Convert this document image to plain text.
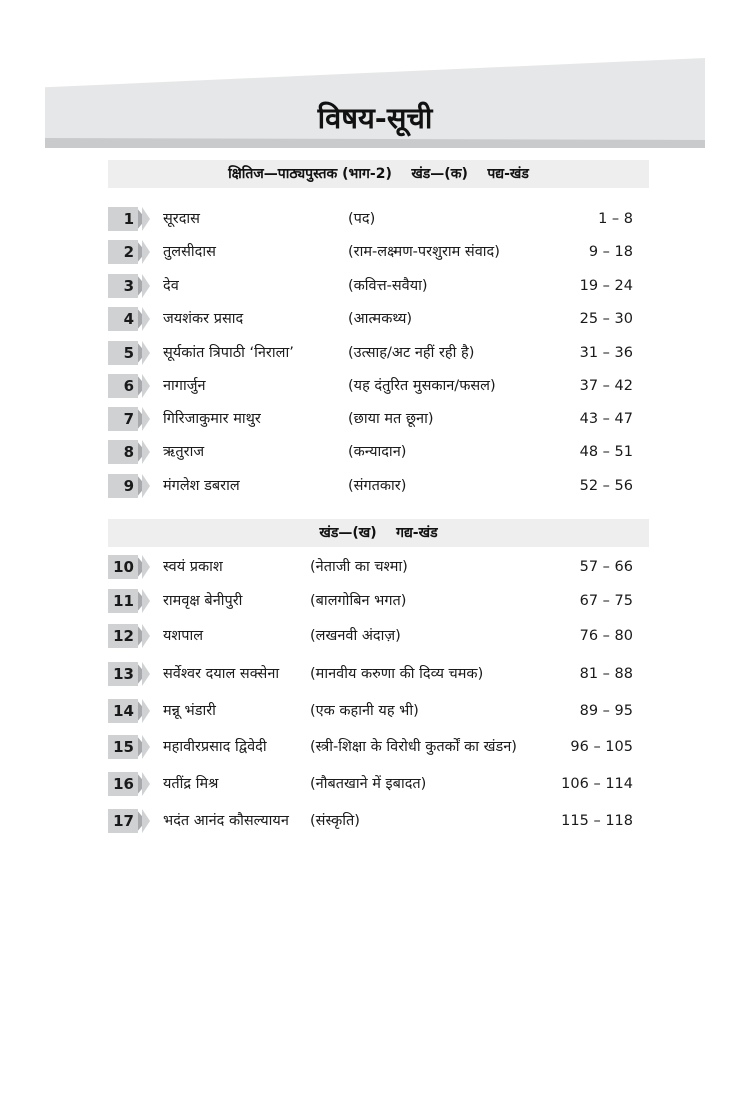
विषय-सूची
क्षितिज—पाठ्यपुस्तक (भाग-2)    खंड—(क)    पद्य-खंड
1 सूरदास	(पद)	1 – 8
2 तुलसीदास	(राम-लक्ष्मण-परशुराम संवाद)	9 – 18
3 देव	(कवित्त-सवैया)	19 – 24
4 जयशंकर प्रसाद	(आत्मकथ्य)	25 – 30
5 सूर्यकांत त्रिपाठी ‘निराला’	(उत्साह/अट नहीं रही है)	31 – 36
6 नागार्जुन	(यह दंतुरित मुसकान/फसल)	37 – 42
7 गिरिजाकुमार माथुर	(छाया मत छूना)	43 – 47
8 ऋतुराज	(कन्यादान)	48 – 51
9 मंगलेश डबराल	(संगतकार)	52 – 56
खंड—(ख)    गद्य-खंड
10 स्वयं प्रकाश	(नेताजी का चश्मा)	57 – 66
11 रामवृक्ष बेनीपुरी	(बालगोबिन भगत)	67 – 75
12 यशपाल	(लखनवी अंदाज़)	76 – 80
13 सर्वेश्वर दयाल सक्सेना (मानवीय करुणा की दिव्य चमक)	81 – 88
14 मन्नू भंडारी	(एक कहानी यह भी)	89 – 95
15 महावीरप्रसाद द्विवेदी	(स्त्री-शिक्षा के विरोधी कुतर्कों का खंडन)	96 – 105
16 यतींद्र मिश्र	(नौबतखाने में इबादत)	106 – 114
17 भदंत आनंद कौसल्यायन (संस्कृति)	115 – 118
